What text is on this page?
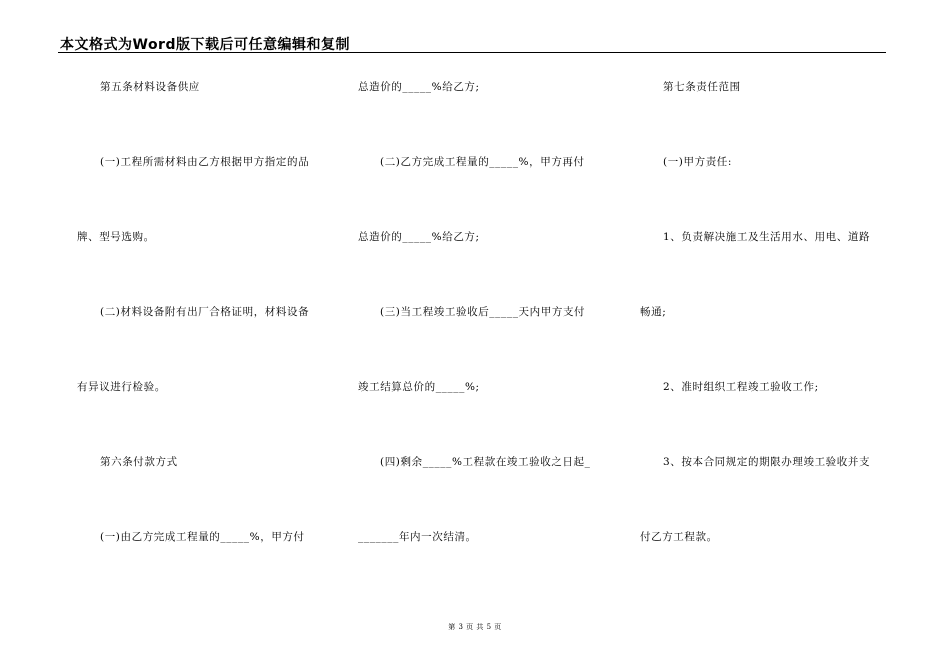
本文格式为Word版下载后可任意编辑和复制
第五条材料设备供应
(一)工程所需材料由乙方根据甲方指定的品
牌、型号选购。
(二)材料设备附有出厂合格证明，材料设备
有异议进行检验。
第六条付款方式
(一)由乙方完成工程量的_____%，甲方付
总造价的_____%给乙方;
(二)乙方完成工程量的_____%，甲方再付
总造价的_____%给乙方;
(三)当工程竣工验收后_____天内甲方支付
竣工结算总价的_____%;
(四)剩余_____%工程款在竣工验收之日起_
_______年内一次结清。
第七条责任范围
(一)甲方责任:
1、负责解决施工及生活用水、用电、道路
畅通;
2、准时组织工程竣工验收工作;
3、按本合同规定的期限办理竣工验收并支
付乙方工程款。
第 3 页 共 5 页
